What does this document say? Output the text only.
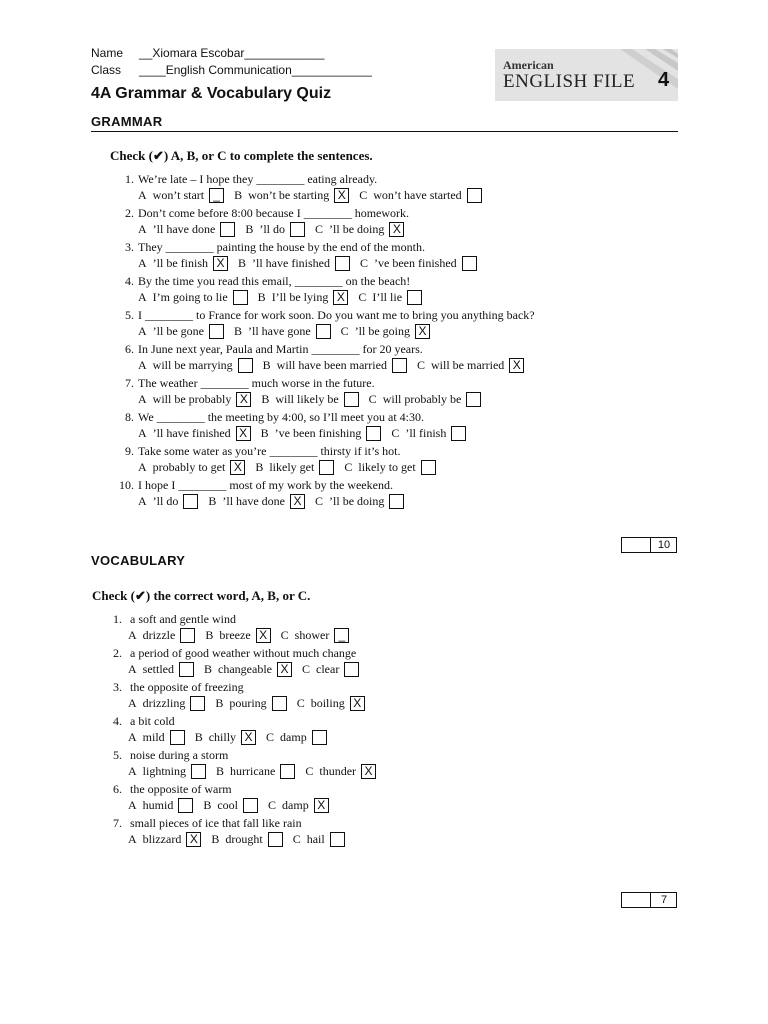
Name __Xiomara Escobar____________
Class ____English Communication____________
4A Grammar & Vocabulary Quiz
American
ENGLISH FILE 4
GRAMMAR
Check (✔) A, B, or C to complete the sentences.
1. We’re late – I hope they ________ eating already.
A won’t start _	B won’t be starting X C won’t have started
2. Don’t come before 8:00 because I ________ homework.
A ’ll have done	B ’ll do	C ’ll be doing X
3. They ________ painting the house by the end of the month.
A ’ll be finish X B ’ll have finished	C ’ve been finished
4. By the time you read this email, ________ on the beach!
A I’m going to lie	B I’ll be lying X C I’ll lie
5. I ________ to France for work soon. Do you want me to bring you anything back?
A ’ll be gone	B ’ll have gone	C ’ll be going X
6. In June next year, Paula and Martin ________ for 20 years.
A will be marrying	B will have been married	C will be married X
7. The weather ________ much worse in the future.
A will be probably X B will likely be	C will probably be
8. We ________ the meeting by 4:00, so I’ll meet you at 4:30.
A ’ll have finished X B ’ve been finishing	C ’ll finish
9. Take some water as you’re ________ thirsty if it’s hot.
A probably to get X B likely get	C likely to get
10. I hope I ________ most of my work by the weekend.
A ’ll do	B ’ll have done X C ’ll be doing
10
VOCABULARY
Check (✔) the correct word, A, B, or C.
1. a soft and gentle wind
A drizzle	B breeze X C shower _
2. a period of good weather without much change
A settled	B changeable X C clear
3. the opposite of freezing
A drizzling	B pouring	C boiling X
4. a bit cold
A mild	B chilly X C damp
5. noise during a storm
A lightning	B hurricane	C thunder X
6. the opposite of warm
A humid	B cool	C damp X
7. small pieces of ice that fall like rain
A blizzard X B drought	C hail
7
